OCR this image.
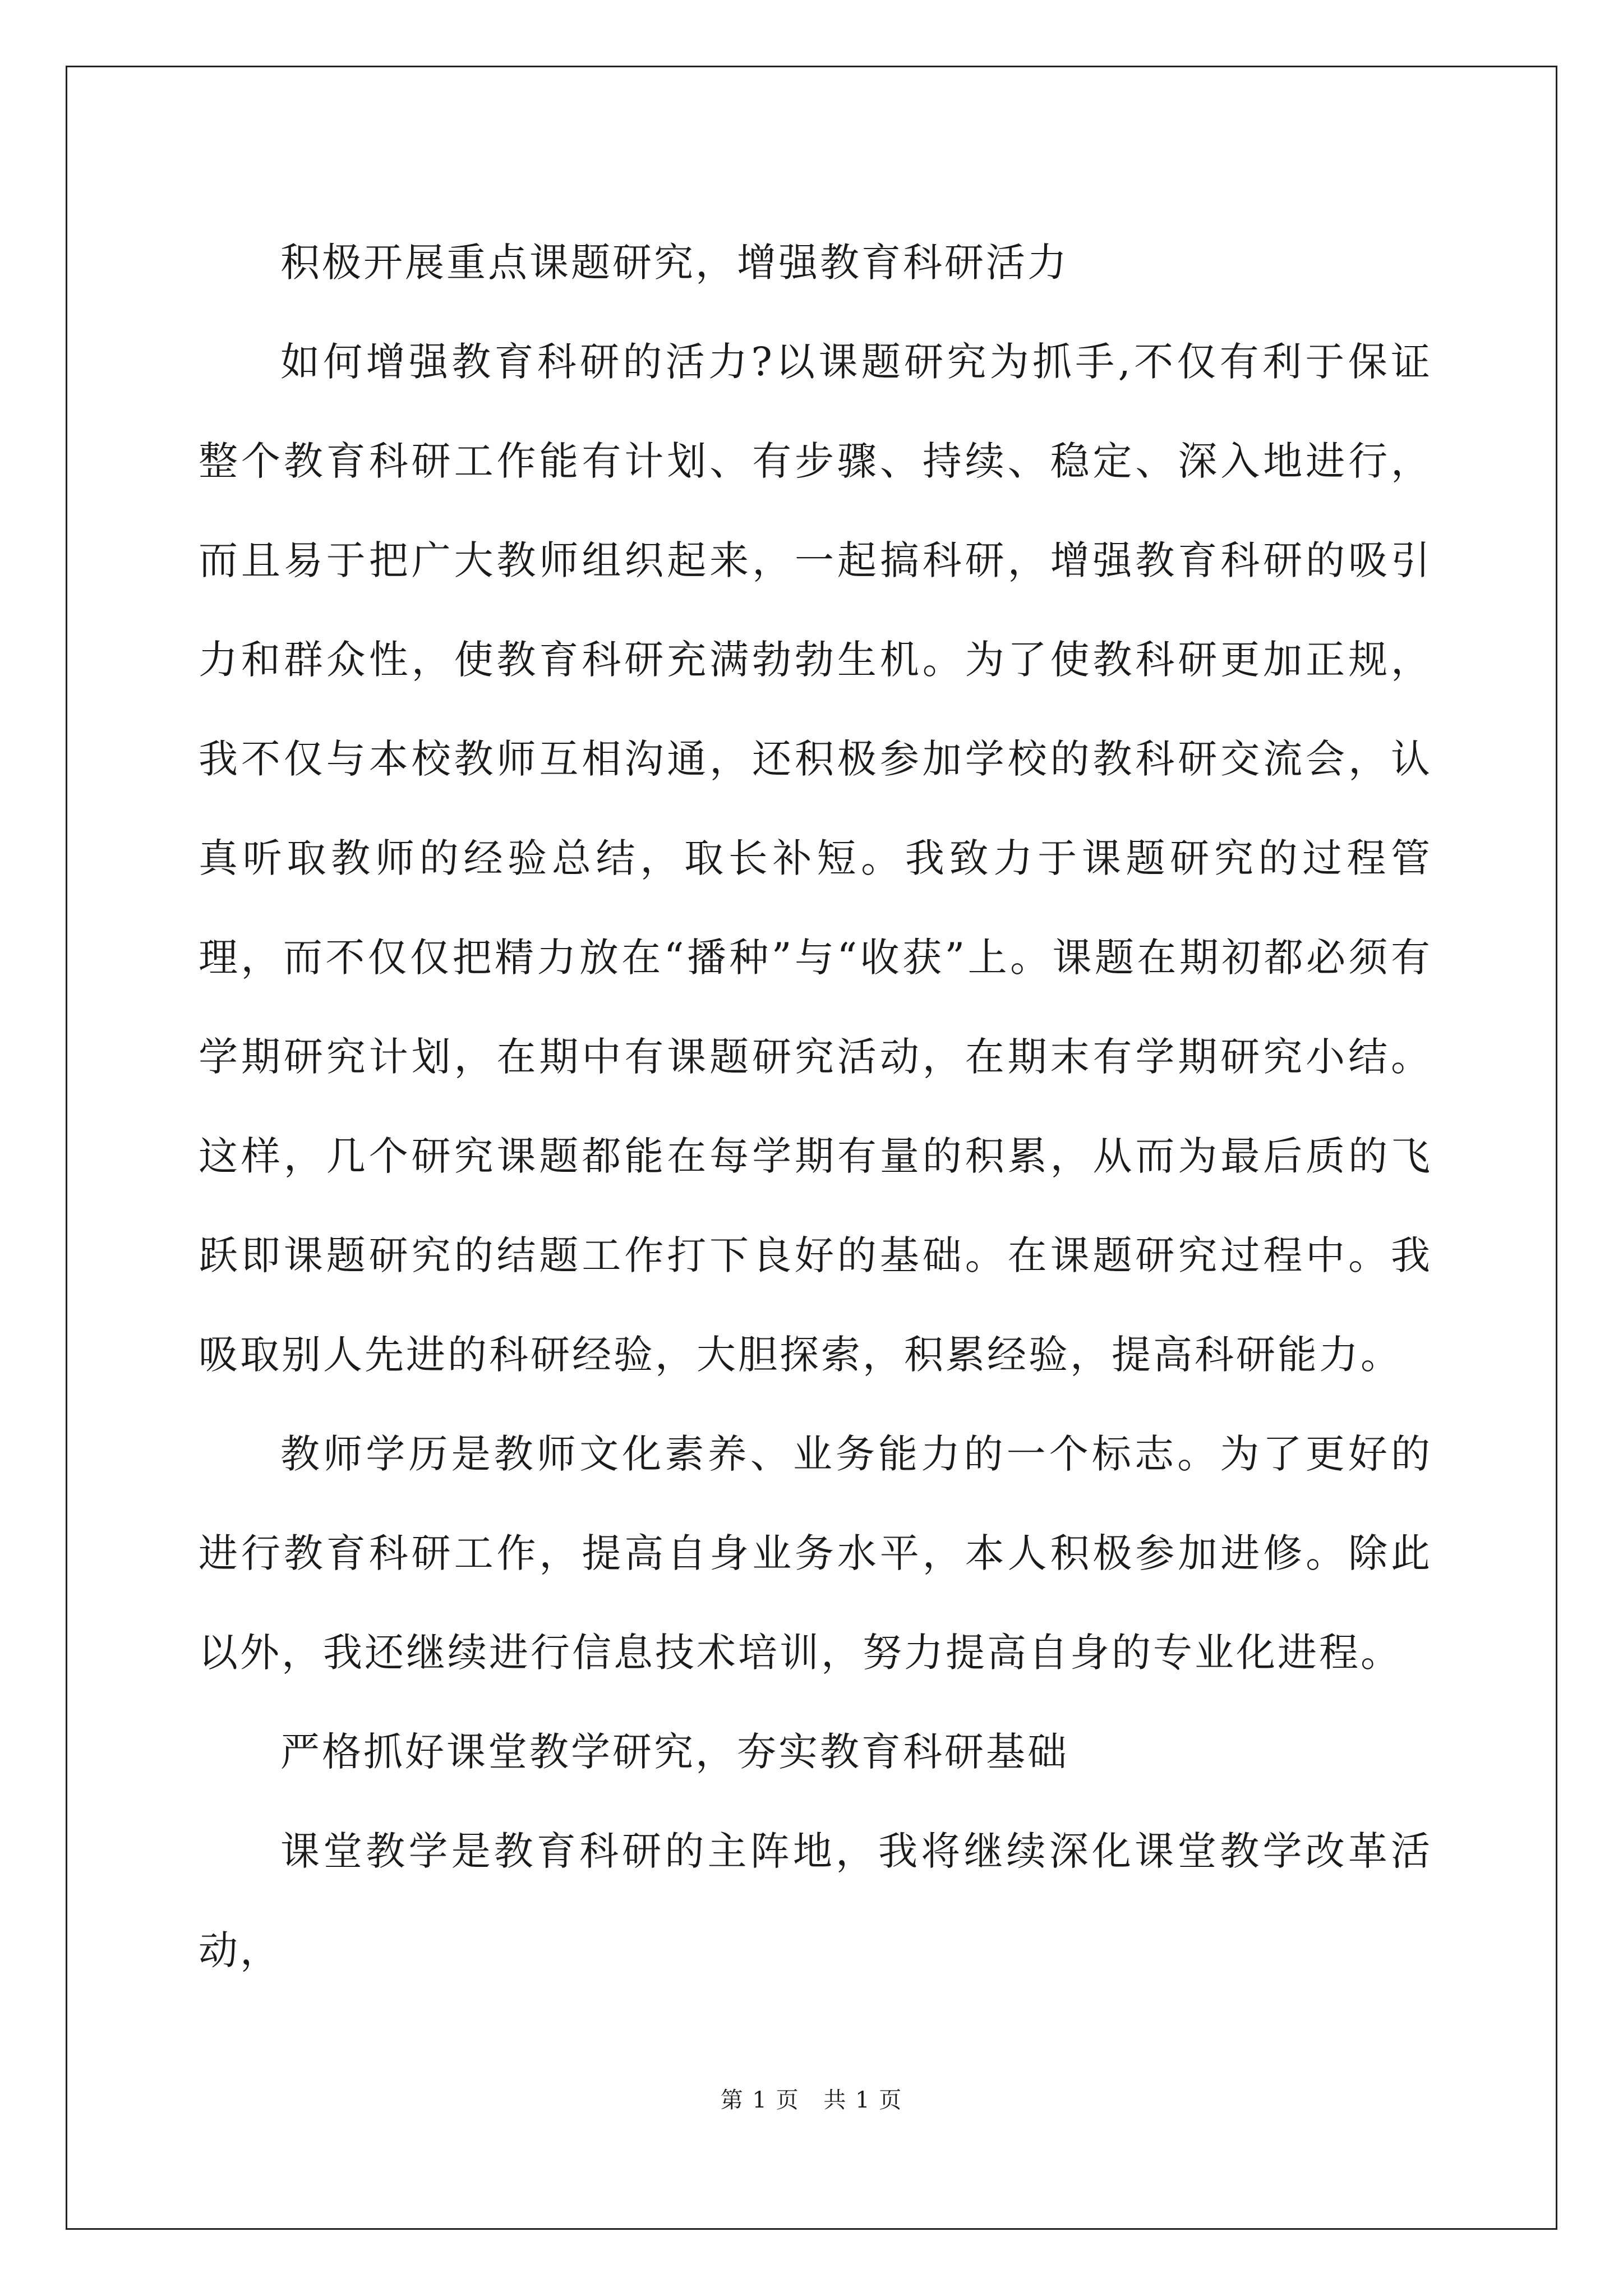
积极开展重点课题研究，增强教育科研活力

如何增强教育科研的活力?以课题研究为抓手,不仅有利于保证整个教育科研工作能有计划、有步骤、持续、稳定、深入地进行，而且易于把广大教师组织起来，一起搞科研，增强教育科研的吸引力和群众性，使教育科研充满勃勃生机。为了使教科研更加正规，我不仅与本校教师互相沟通，还积极参加学校的教科研交流会，认真听取教师的经验总结，取长补短。我致力于课题研究的过程管理，而不仅仅把精力放在“播种”与“收获”上。课题在期初都必须有学期研究计划，在期中有课题研究活动，在期末有学期研究小结。这样，几个研究课题都能在每学期有量的积累，从而为最后质的飞跃即课题研究的结题工作打下良好的基础。在课题研究过程中。我吸取别人先进的科研经验，大胆探索，积累经验，提高科研能力。

教师学历是教师文化素养、业务能力的一个标志。为了更好的进行教育科研工作，提高自身业务水平，本人积极参加进修。除此以外，我还继续进行信息技术培训，努力提高自身的专业化进程。

严格抓好课堂教学研究，夯实教育科研基础

课堂教学是教育科研的主阵地，我将继续深化课堂教学改革活动，

第 1 页 共 1 页
